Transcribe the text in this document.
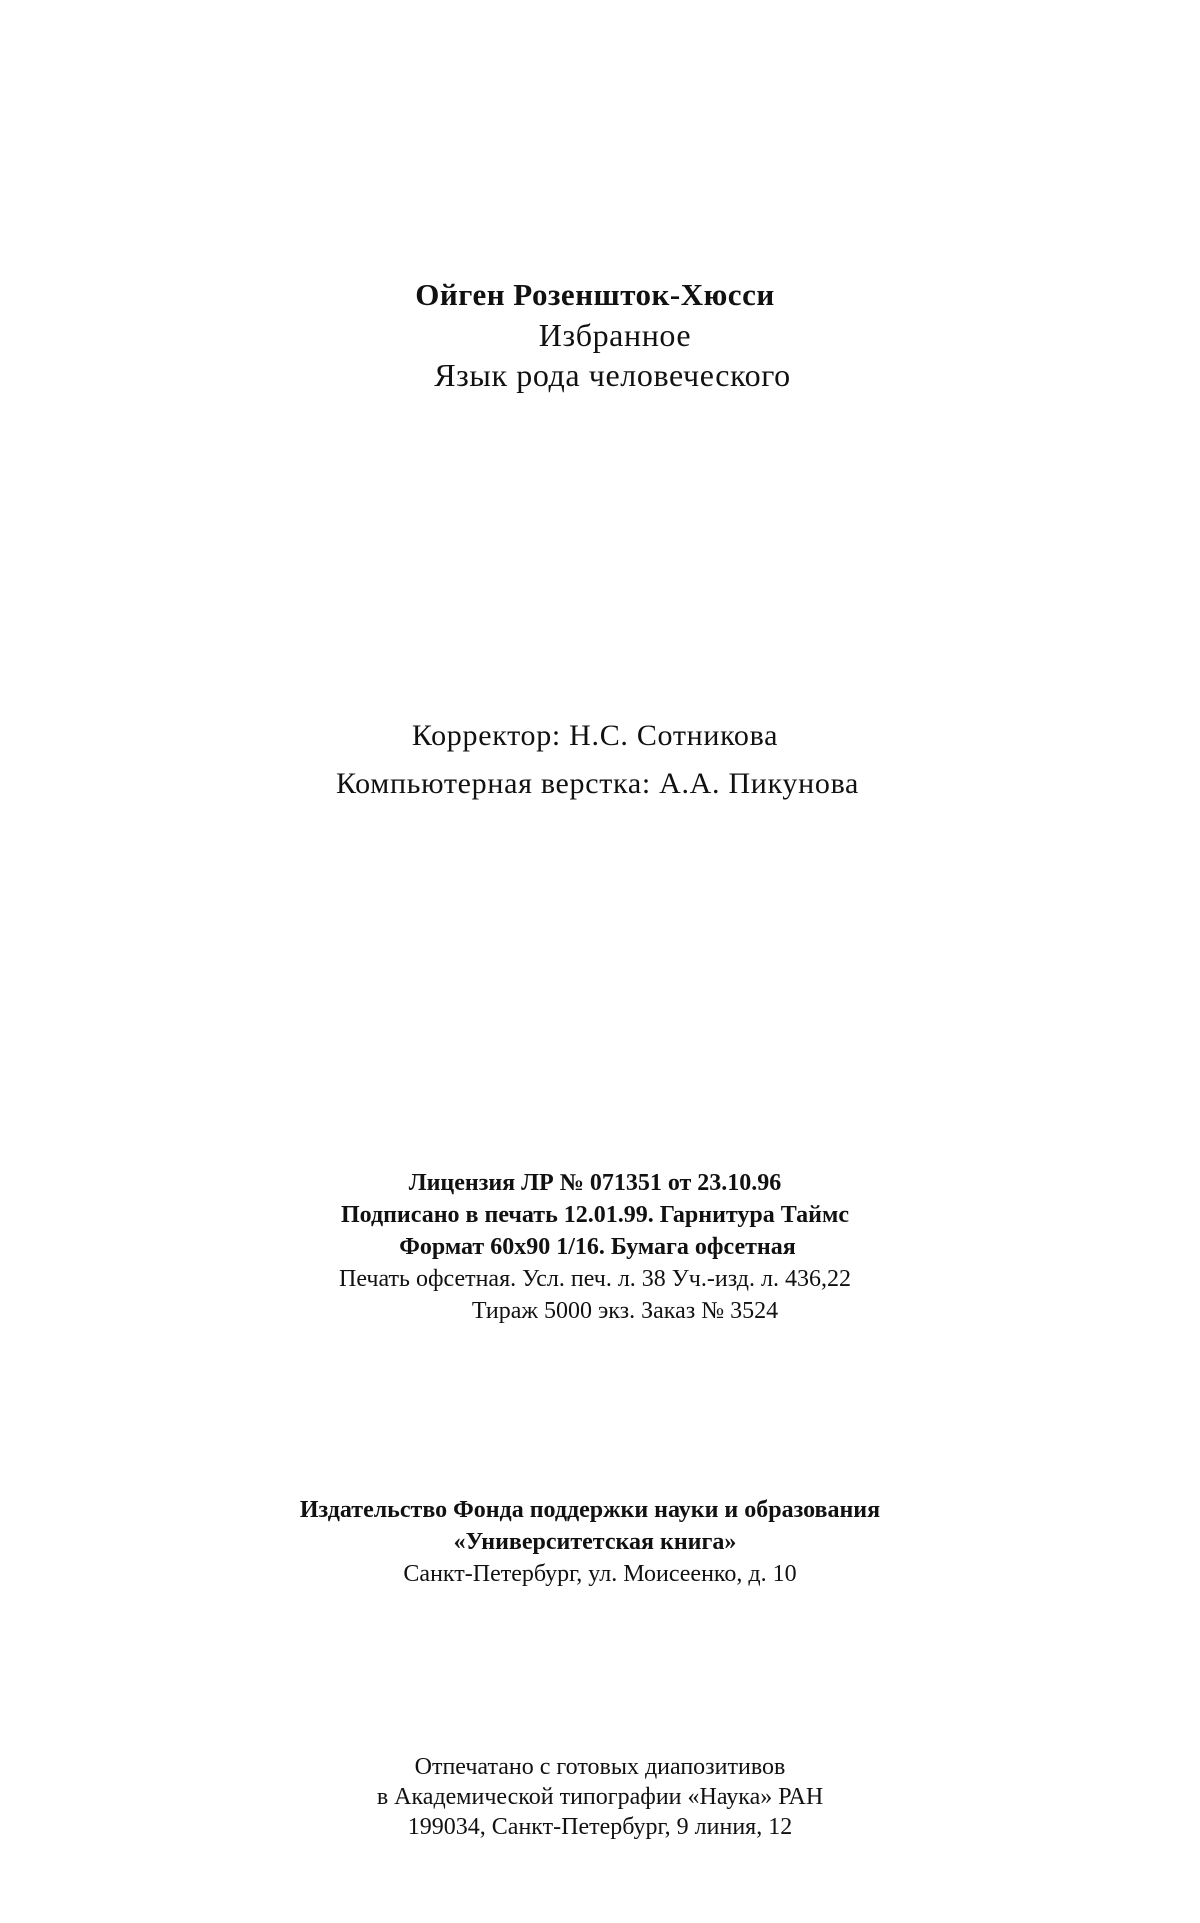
Ойген Розеншток-Хюсси
Избранное
Язык рода человеческого
Корректор: Н.С. Сотникова
Компьютерная верстка: А.А. Пикунова
Лицензия ЛР № 071351 от 23.10.96
Подписано в печать 12.01.99. Гарнитура Таймс
Формат 60x90 1/16. Бумага офсетная
Печать офсетная. Усл. печ. л. 38 Уч.-изд. л. 436,22
Тираж 5000 экз. Заказ № 3524
Издательство Фонда поддержки науки и образования
«Университетская книга»
Санкт-Петербург, ул. Моисеенко, д. 10
Отпечатано с готовых диапозитивов
в Академической типографии «Наука» РАН
199034, Санкт-Петербург, 9 линия, 12
